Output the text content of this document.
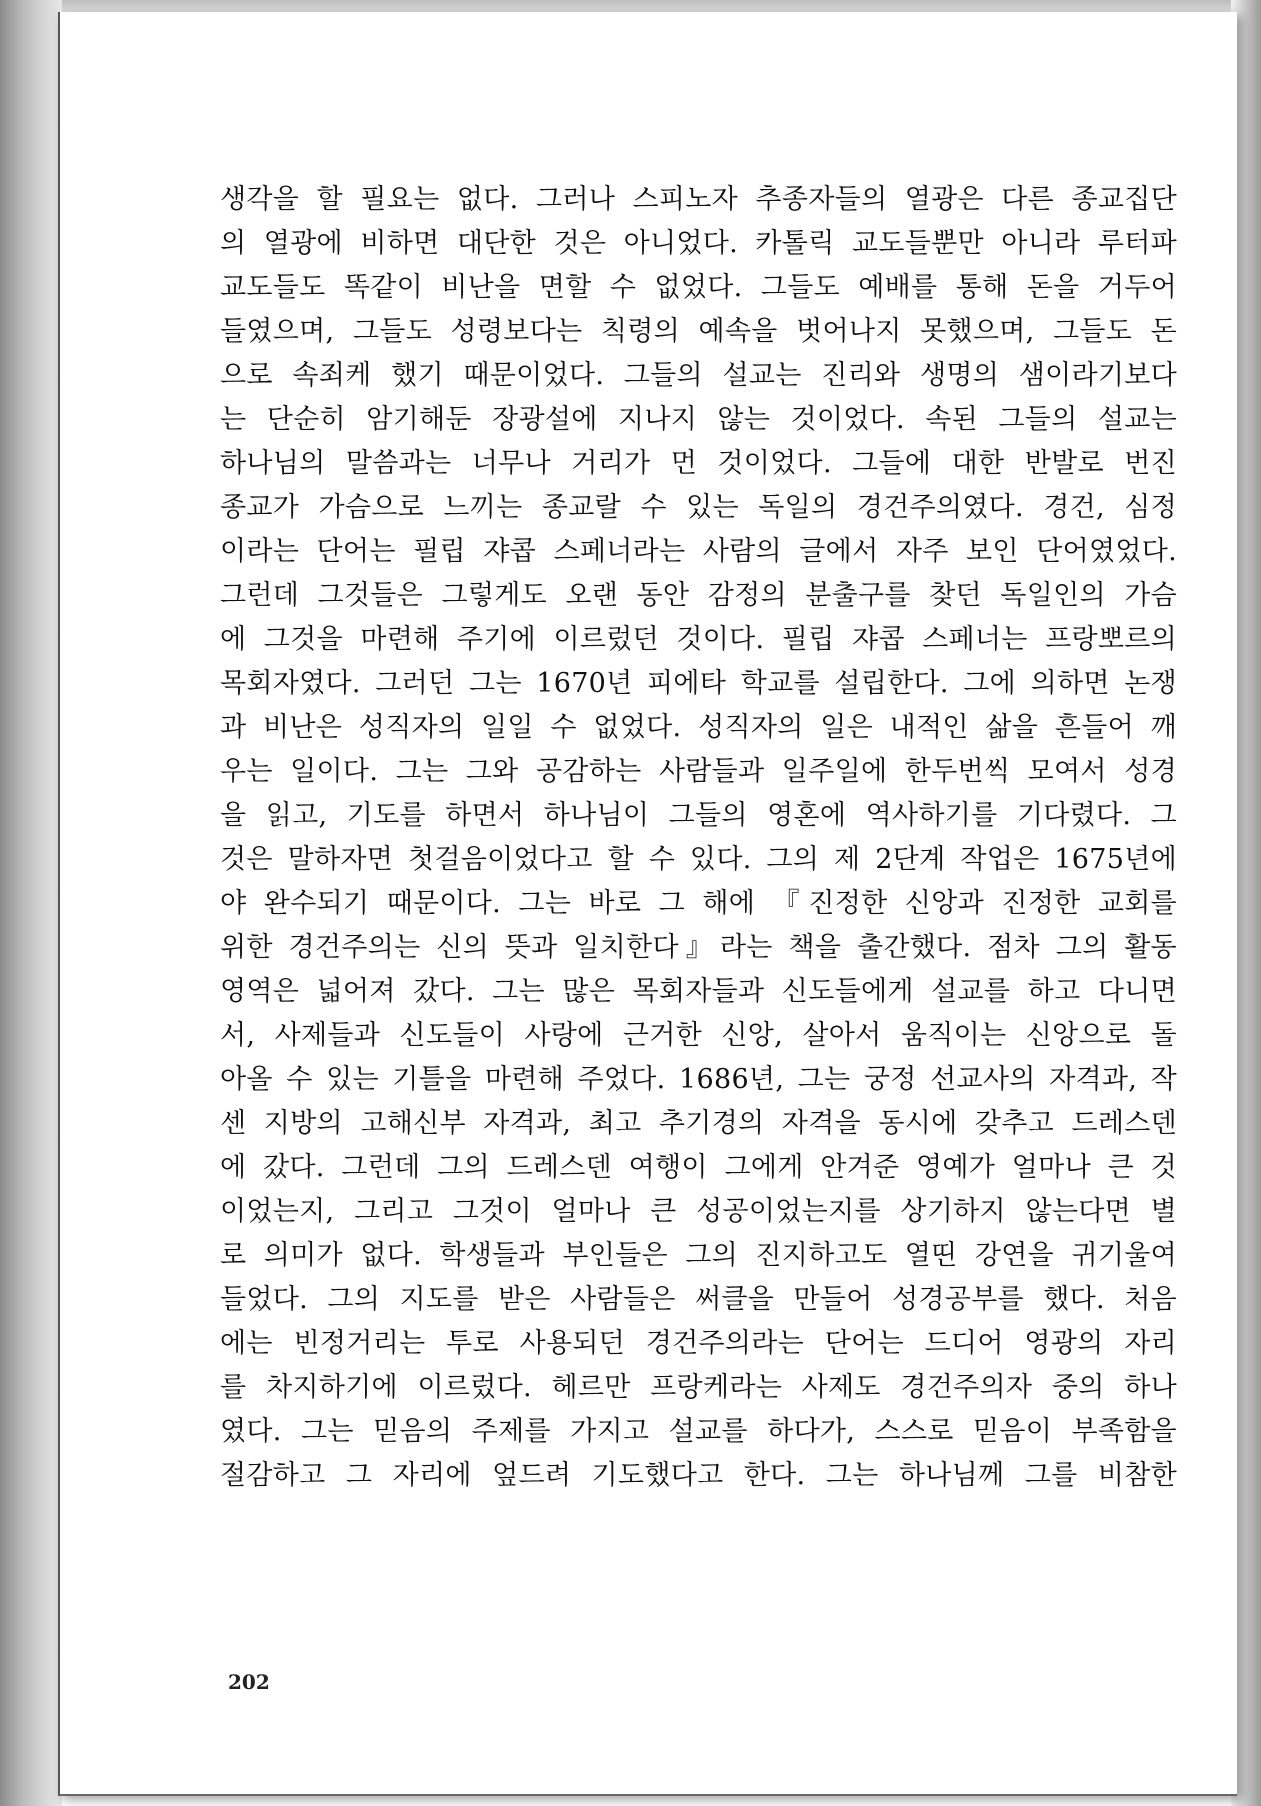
생각을 할 필요는 없다. 그러나 스피노자 추종자들의 열광은 다른 종교집단
의 열광에 비하면 대단한 것은 아니었다. 카톨릭 교도들뿐만 아니라 루터파
교도들도 똑같이 비난을 면할 수 없었다. 그들도 예배를 통해 돈을 거두어
들였으며, 그들도 성령보다는 칙령의 예속을 벗어나지 못했으며, 그들도 돈
으로 속죄케 했기 때문이었다. 그들의 설교는 진리와 생명의 샘이라기보다
는 단순히 암기해둔 장광설에 지나지 않는 것이었다. 속된 그들의 설교는
하나님의 말씀과는 너무나 거리가 먼 것이었다. 그들에 대한 반발로 번진
종교가 가슴으로 느끼는 종교랄 수 있는 독일의 경건주의였다. 경건, 심정
이라는 단어는 필립 쟈콥 스페너라는 사람의 글에서 자주 보인 단어였었다.
그런데 그것들은 그렇게도 오랜 동안 감정의 분출구를 찾던 독일인의 가슴
에 그것을 마련해 주기에 이르렀던 것이다. 필립 쟈콥 스페너는 프랑뽀르의
목회자였다. 그러던 그는 1670년 피에타 학교를 설립한다. 그에 의하면 논쟁
과 비난은 성직자의 일일 수 없었다. 성직자의 일은 내적인 삶을 흔들어 깨
우는 일이다. 그는 그와 공감하는 사람들과 일주일에 한두번씩 모여서 성경
을 읽고, 기도를 하면서 하나님이 그들의 영혼에 역사하기를 기다렸다. 그
것은 말하자면 첫걸음이었다고 할 수 있다. 그의 제 2단계 작업은 1675년에
야 완수되기 때문이다. 그는 바로 그 해에 『진정한 신앙과 진정한 교회를
위한 경건주의는 신의 뜻과 일치한다』라는 책을 출간했다. 점차 그의 활동
영역은 넓어져 갔다. 그는 많은 목회자들과 신도들에게 설교를 하고 다니면
서, 사제들과 신도들이 사랑에 근거한 신앙, 살아서 움직이는 신앙으로 돌
아올 수 있는 기틀을 마련해 주었다. 1686년, 그는 궁정 선교사의 자격과, 작
센 지방의 고해신부 자격과, 최고 추기경의 자격을 동시에 갖추고 드레스덴
에 갔다. 그런데 그의 드레스덴 여행이 그에게 안겨준 영예가 얼마나 큰 것
이었는지, 그리고 그것이 얼마나 큰 성공이었는지를 상기하지 않는다면 별
로 의미가 없다. 학생들과 부인들은 그의 진지하고도 열띤 강연을 귀기울여
들었다. 그의 지도를 받은 사람들은 써클을 만들어 성경공부를 했다. 처음
에는 빈정거리는 투로 사용되던 경건주의라는 단어는 드디어 영광의 자리
를 차지하기에 이르렀다. 헤르만 프랑케라는 사제도 경건주의자 중의 하나
였다. 그는 믿음의 주제를 가지고 설교를 하다가, 스스로 믿음이 부족함을
절감하고 그 자리에 엎드려 기도했다고 한다. 그는 하나님께 그를 비참한
202
